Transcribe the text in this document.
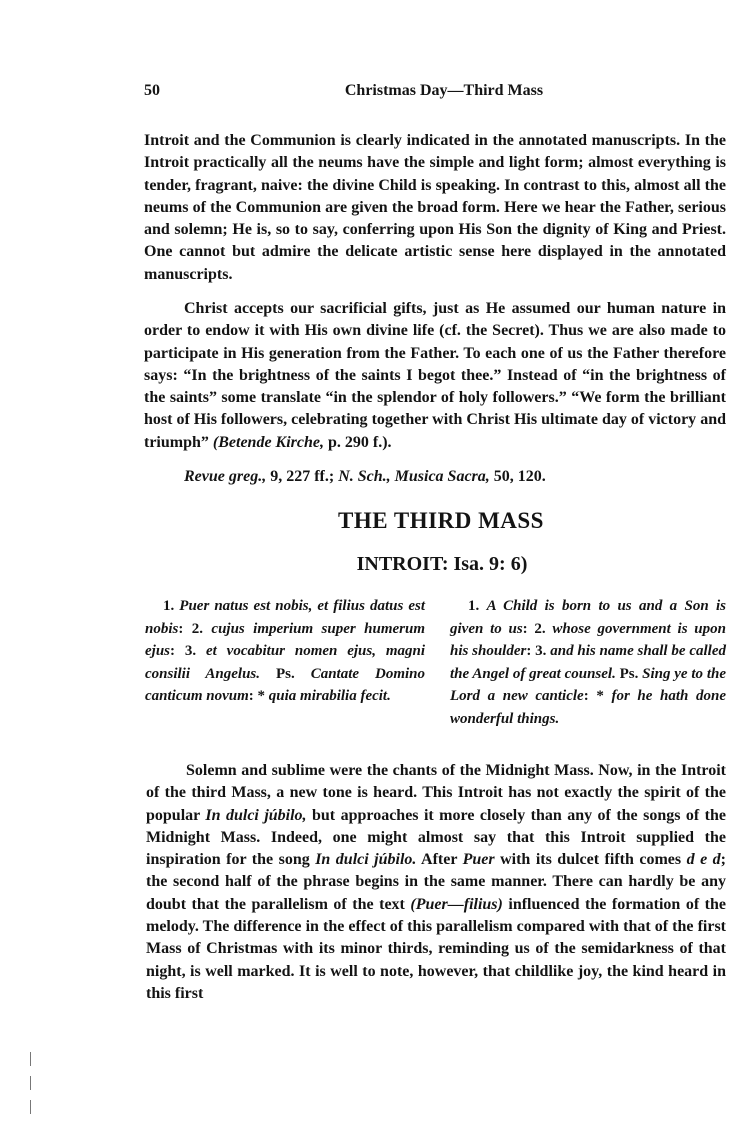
50	Christmas Day—Third Mass
Introit and the Communion is clearly indicated in the annotated manuscripts. In the Introit practically all the neums have the simple and light form; almost everything is tender, fragrant, naive: the divine Child is speaking. In contrast to this, almost all the neums of the Communion are given the broad form. Here we hear the Father, serious and solemn; He is, so to say, conferring upon His Son the dignity of King and Priest. One cannot but admire the delicate artistic sense here displayed in the annotated manuscripts.
Christ accepts our sacrificial gifts, just as He assumed our human nature in order to endow it with His own divine life (cf. the Secret). Thus we are also made to participate in His generation from the Father. To each one of us the Father therefore says: “In the brightness of the saints I begot thee.” Instead of “in the brightness of the saints” some translate “in the splendor of holy followers.” “We form the brilliant host of His followers, celebrating together with Christ His ultimate day of victory and triumph” (Betende Kirche, p. 290 f.).
Revue greg., 9, 227 ff.; N. Sch., Musica Sacra, 50, 120.
THE THIRD MASS
INTROIT: Isa. 9: 6)

1. Puer natus est nobis, et filius datus est nobis: 2. cujus imperium super humerum ejus: 3. et vocabitur nomen ejus, magni consilii Angelus. Ps. Cantate Domino canticum novum: * quia mirabilia fecit.

1. A Child is born to us and a Son is given to us: 2. whose government is upon his shoulder: 3. and his name shall be called the Angel of great counsel. Ps. Sing ye to the Lord a new canticle: * for he hath done wonderful things.

Solemn and sublime were the chants of the Midnight Mass. Now, in the Introit of the third Mass, a new tone is heard. This Introit has not exactly the spirit of the popular In dulci júbilo, but approaches it more closely than any of the songs of the Midnight Mass. Indeed, one might almost say that this Introit supplied the inspiration for the song In dulci júbilo. After Puer with its dulcet fifth comes d e d; the second half of the phrase begins in the same manner. There can hardly be any doubt that the parallelism of the text (Puer—filius) influenced the formation of the melody. The difference in the effect of this parallelism compared with that of the first Mass of Christmas with its minor thirds, reminding us of the semidarkness of that night, is well marked. It is well to note, however, that childlike joy, the kind heard in this first
